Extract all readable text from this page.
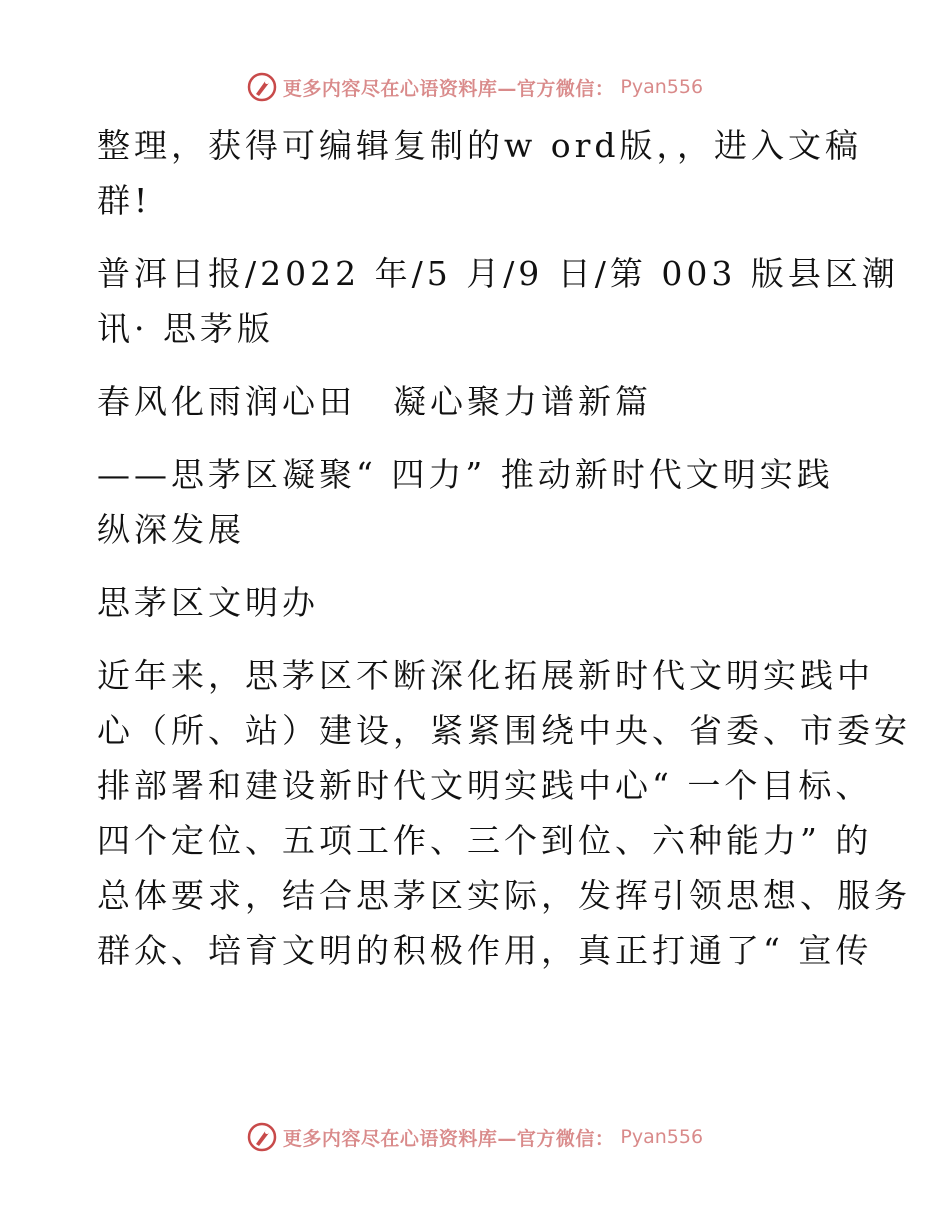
更多内容尽在心语资料库—官方微信： Pyan556
整理，获得可编辑复制的w ord版，，进入文稿
群!
普洱日报/2022 年/5 月/9 日/第 003 版县区潮
讯· 思茅版
春风化雨润心田　凝心聚力谱新篇
——思茅区凝聚“ 四力” 推动新时代文明实践
纵深发展
思茅区文明办
近年来，思茅区不断深化拓展新时代文明实践中
心（所、站）建设，紧紧围绕中央、省委、市委安
排部署和建设新时代文明实践中心“ 一个目标、
四个定位、五项工作、三个到位、六种能力” 的
总体要求，结合思茅区实际，发挥引领思想、服务
群众、培育文明的积极作用，真正打通了“ 宣传
更多内容尽在心语资料库—官方微信： Pyan556
